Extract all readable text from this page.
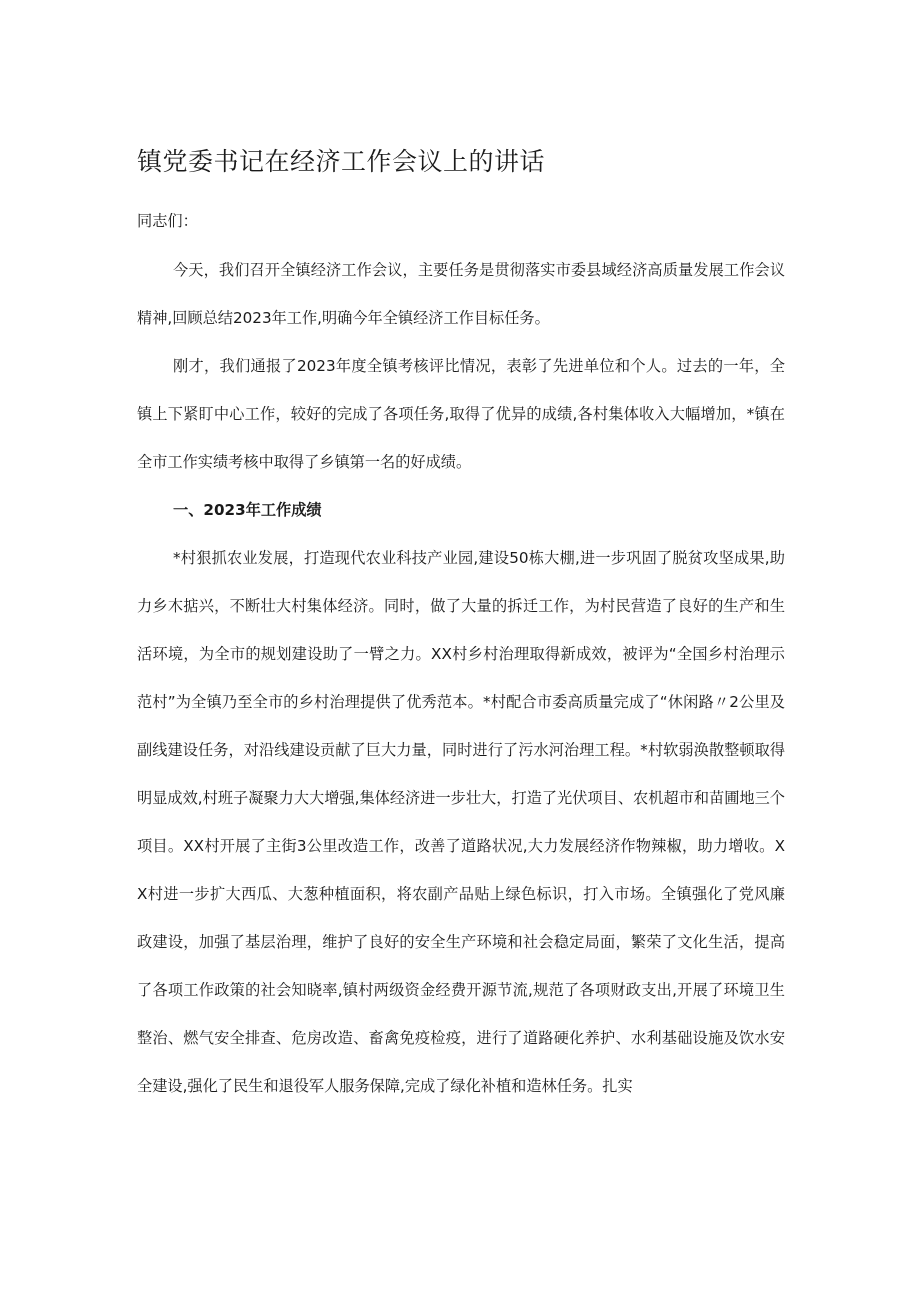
镇党委书记在经济工作会议上的讲话
同志们：
今天，我们召开全镇经济工作会议，主要任务是贯彻落实市委县域经济高质量发展工作会议精神,回顾总结2023年工作,明确今年全镇经济工作目标任务。
刚才，我们通报了2023年度全镇考核评比情况，表彰了先进单位和个人。过去的一年，全镇上下紧盯中心工作，较好的完成了各项任务,取得了优异的成绩,各村集体收入大幅增加，*镇在全市工作实绩考核中取得了乡镇第一名的好成绩。
一、2023年工作成绩
*村狠抓农业发展，打造现代农业科技产业园,建设50栋大棚,进一步巩固了脱贫攻坚成果,助力乡木掂兴，不断壮大村集体经济。同时，做了大量的拆迁工作，为村民营造了良好的生产和生活环境，为全市的规划建设助了一臂之力。XX村乡村治理取得新成效，被评为“全国乡村治理示范村”为全镇乃至全市的乡村治理提供了优秀范本。*村配合市委高质量完成了“休闲路〃2公里及副线建设任务，对沿线建设贡献了巨大力量，同时进行了污水河治理工程。*村软弱涣散整顿取得明显成效,村班子凝聚力大大增强,集体经济进一步壮大，打造了光伏项目、农机超市和苗圃地三个项目。XX村开展了主街3公里改造工作，改善了道路状况,大力发展经济作物辣椒，助力增收。XX村进一步扩大西瓜、大葱种植面积，将农副产品贴上绿色标识，打入市场。全镇强化了党风廉政建设，加强了基层治理，维护了良好的安全生产环境和社会稳定局面，繁荣了文化生活，提高了各项工作政策的社会知晓率,镇村两级资金经费开源节流,规范了各项财政支出,开展了环境卫生整治、燃气安全排查、危房改造、畜禽免疫检疫，进行了道路硬化养护、水利基础设施及饮水安全建设,强化了民生和退役军人服务保障,完成了绿化补植和造林任务。扎实
